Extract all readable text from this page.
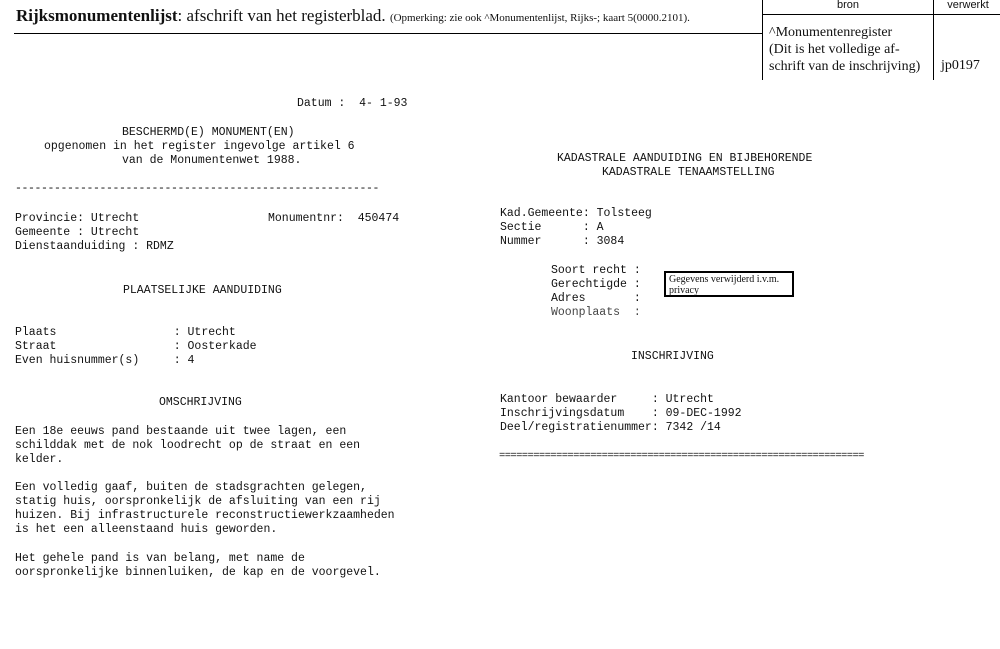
Rijksmonumentenlijst: afschrift van het registerblad. (Opmerking: zie ook ^Monumentenlijst, Rijks-; kaart 5(0000.2101).
bron	verwerkt
^Monumentenregister
(Dit is het volledige af-
schrift van de inschrijving)	jp0197
Datum :  4- 1-93
BESCHERMD(E) MONUMENT(EN)
opgenomen in het register ingevolge artikel 6
van de Monumentenwet 1988.
--------------------------------------------------------
Provincie: Utrecht	Monumentnr:  450474
Gemeente : Utrecht
Dienstaanduiding : RDMZ
PLAATSELIJKE AANDUIDING
Plaats                 : Utrecht
Straat                 : Oosterkade
Even huisnummer(s)     : 4
OMSCHRIJVING
Een 18e eeuws pand bestaande uit twee lagen, een
schilddak met de nok loodrecht op de straat en een
kelder.
Een volledig gaaf, buiten de stadsgrachten gelegen,
statig huis, oorspronkelijk de afsluiting van een rij
huizen. Bij infrastructurele reconstructiewerkzaamheden
is het een alleenstaand huis geworden.
Het gehele pand is van belang, met name de
oorspronkelijke binnenluiken, de kap en de voorgevel.
KADASTRALE AANDUIDING EN BIJBEHORENDE
KADASTRALE TENAAMSTELLING
Kad.Gemeente: Tolsteeg
Sectie      : A
Nummer      : 3084
Soort recht :
Gerechtigde :
Adres       :
Woonplaats  :
Gegevens verwijderd i.v.m.
privacy
INSCHRIJVING
Kantoor bewaarder     : Utrecht
Inschrijvingsdatum    : 09-DEC-1992
Deel/registratienummer: 7342 /14
================================================================
